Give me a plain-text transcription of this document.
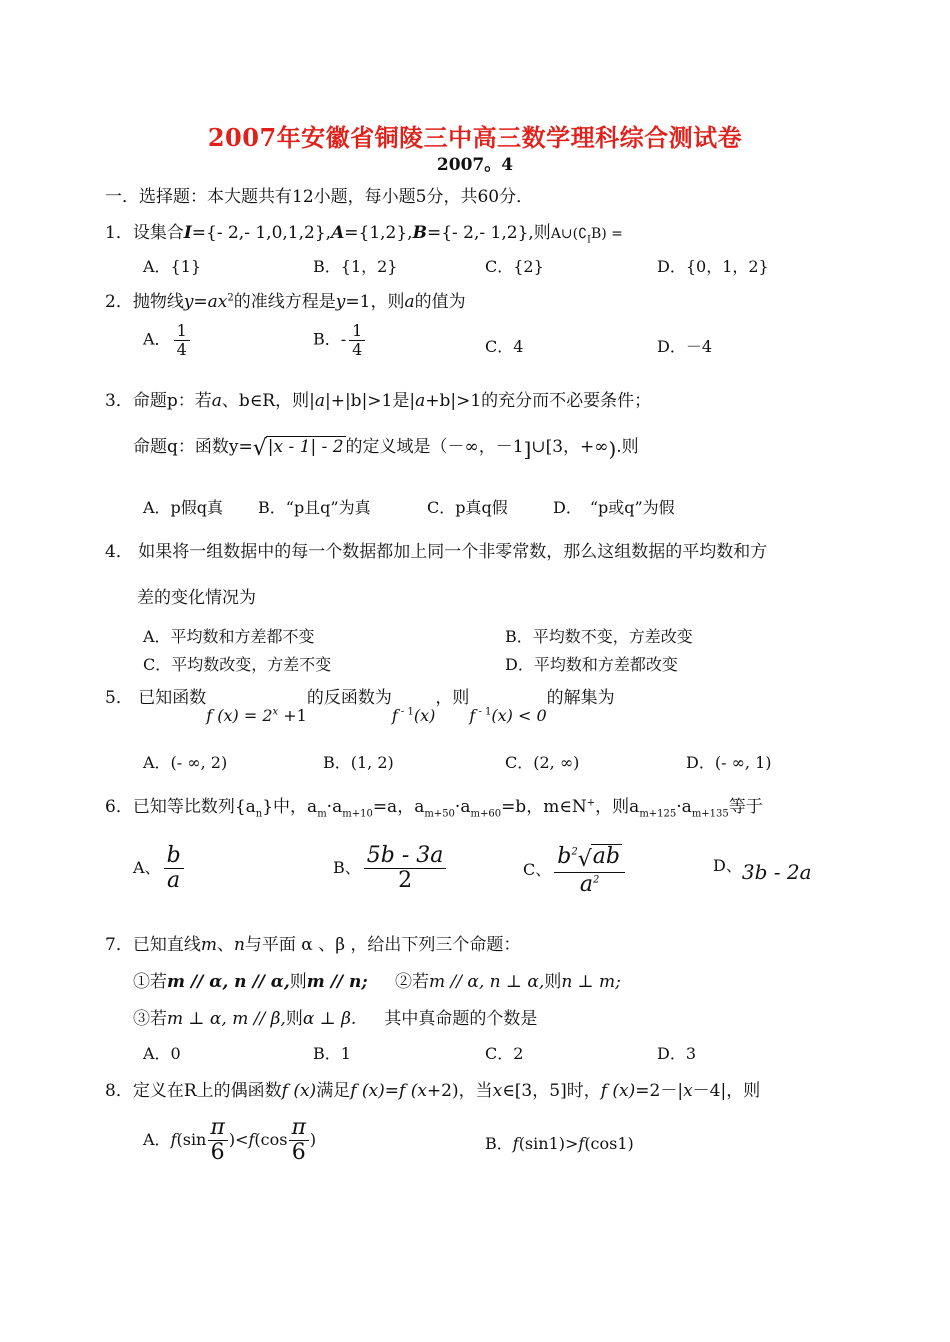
2007年安徽省铜陵三中高三数学理科综合测试卷
2007。4
一．选择题：本大题共有12小题，每小题5分，共60分．
1．设集合I={- 2,- 1,0,1,2},A={1,2},B={- 2,- 1,2},则$A\cup(∁_IB)$ =
A．{1}	B．{1，2}	C．{2}	D．{0，1，2}
2．抛物线$y=ax^2$的准线方程是y=1，则a的值为
A． $\frac{1}{4}$	B．- $\frac{1}{4}$	C．4	D．－4
3．命题p：若a、b∈R，则|a|+|b|>1是|a+b|>1的充分而不必要条件；
命题q：函数y=√|x - 1| - 2 的定义域是（－∞，－1]∪[3，+∞).则
A．p假q真 B．“p且q”为真	C．p真q假	D．　“p或q”为假
4． 如果将一组数据中的每一个数据都加上同一个非零常数，那么这组数据的平均数和方
差的变化情况为
A．平均数和方差都不变	B．平均数不变，方差改变
C．平均数改变，方差不变	D．平均数和方差都改变
5． 已知函数f $(x) = 2^x +1$的反函数为f $^{- 1}$(x)，则f $^{- 1}$(x) < 0的解集为
A．(- ∞, 2)	B．(1, 2)	C．(2, ∞)	D．(- ∞, 1)
6．已知等比数列$\{a_n\}$中，$a_m\cdot a_{m+10}=a$，$a_{m+50}\cdot a_{m+60}=b$，m∈N+，则$a_{m+125}\cdot a_{m+135}$等于
A、 $\frac{b}{a}$	B、 $\frac{5b - 3a}{2}$	C、 $\frac{b^2√ab}{a^2}$	D、3b - 2a
7．已知直线m、n与平面 α 、β ，给出下列三个命题：
①若m // α, n // α,则m // n; ②若m // α, n ⊥ α,则n ⊥ m;
③若m ⊥ α, m // β,则α ⊥ β. 其中真命题的个数是
A．0	B．1	C．2	D．3
8．定义在R上的偶函数f (x)满足f (x)=f (x+2)，当x∈[3，5]时，f (x)=2－|x－4|，则
A．$f(\sin \frac{\pi}{6} )<f(\cos \frac{\pi}{6}$ )	B．f(sin1)>f(cos1)
